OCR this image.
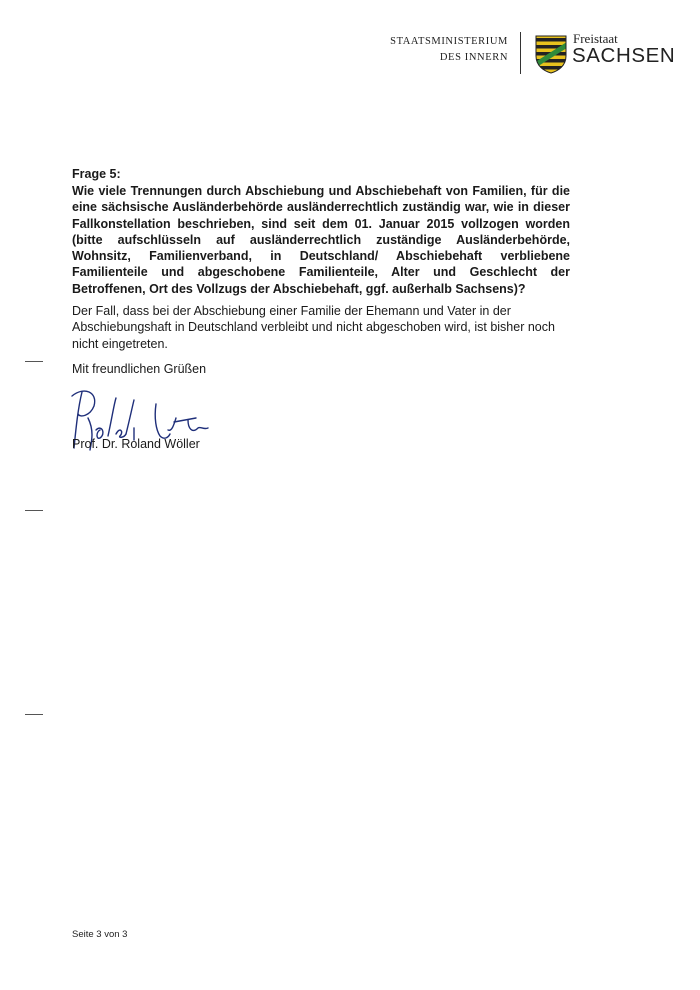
STAATSMINISTERIUM
DES INNERN
Freistaat
SACHSEN
Frage 5:

Wie viele Trennungen durch Abschiebung und Abschiebehaft von Familien, für die eine sächsische Ausländerbehörde ausländerrechtlich zuständig war, wie in dieser Fallkonstellation beschrieben, sind seit dem 01. Januar 2015 vollzogen worden (bitte aufschlüsseln auf ausländerrechtlich zuständige Ausländerbehörde, Wohnsitz, Familienverband, in Deutschland/ Abschiebehaft verbliebene Familienteile und abgeschobene Familienteile, Alter und Geschlecht der Betroffenen, Ort des Vollzugs der Abschiebehaft, ggf. außerhalb Sachsens)?

Der Fall, dass bei der Abschiebung einer Familie der Ehemann und Vater in der Abschiebungshaft in Deutschland verbleibt und nicht abgeschoben wird, ist bisher noch nicht eingetreten.

Mit freundlichen Grüßen
Prof. Dr. Roland Wöller
Seite 3 von 3
